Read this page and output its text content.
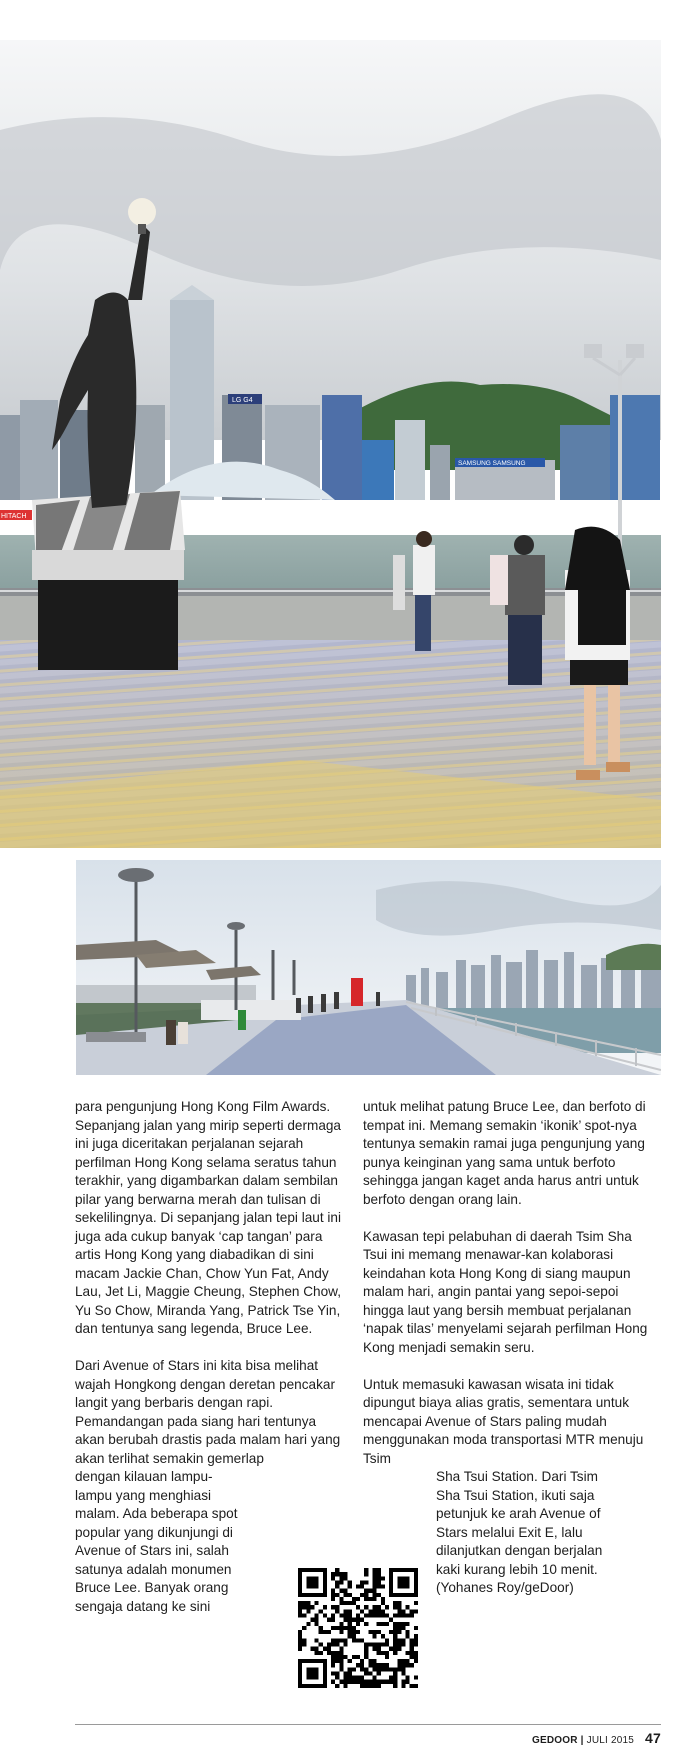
LG G4
SAMSUNG SAMSUNG
HITACH

para pengunjung Hong Kong Film Awards. Sepanjang jalan yang mirip seperti dermaga ini juga diceritakan perjalanan sejarah perfilman Hong Kong selama seratus tahun terakhir, yang digambarkan dalam sembilan pilar yang berwarna merah dan tulisan di sekelilingnya. Di sepanjang jalan tepi laut ini juga ada cukup banyak ‘cap tangan’ para artis Hong Kong yang diabadikan di sini macam Jackie Chan, Chow Yun Fat, Andy Lau, Jet Li, Maggie Cheung, Stephen Chow, Yu So Chow, Miranda Yang, Patrick Tse Yin, dan tentunya sang legenda, Bruce Lee.

Dari Avenue of Stars ini kita bisa melihat wajah Hongkong dengan deretan pencakar langit yang berbaris dengan rapi. Pemandangan pada siang hari tentunya akan berubah drastis pada malam hari yang akan terlihat semakin gemerlap
dengan kilauan lampu-
lampu yang menghiasi
malam. Ada beberapa spot
popular yang dikunjungi di
Avenue of Stars ini, salah
satunya adalah monumen
Bruce Lee. Banyak orang
sengaja datang ke sini

untuk melihat patung Bruce Lee, dan berfoto di tempat ini. Memang semakin ‘ikonik’ spot-nya tentunya semakin ramai juga pengunjung yang punya keinginan yang sama untuk berfoto sehingga jangan kaget anda harus antri untuk berfoto dengan orang lain.

Kawasan tepi pelabuhan di daerah Tsim Sha Tsui ini memang menawar-kan kolaborasi keindahan kota Hong Kong di siang maupun malam hari, angin pantai yang sepoi-sepoi hingga laut yang bersih membuat perjalanan ‘napak tilas’ menyelami sejarah perfilman Hong Kong menjadi semakin seru.

Untuk memasuki kawasan wisata ini tidak dipungut biaya alias gratis, sementara untuk mencapai Avenue of Stars paling mudah menggunakan moda transportasi MTR menuju Tsim
Sha Tsui Station. Dari Tsim
Sha Tsui Station, ikuti saja
petunjuk ke arah Avenue of
Stars melalui Exit E, lalu
dilanjutkan dengan berjalan
kaki kurang lebih 10 menit.
(Yohanes Roy/geDoor)

GEDOOR | JULI 2015 47
